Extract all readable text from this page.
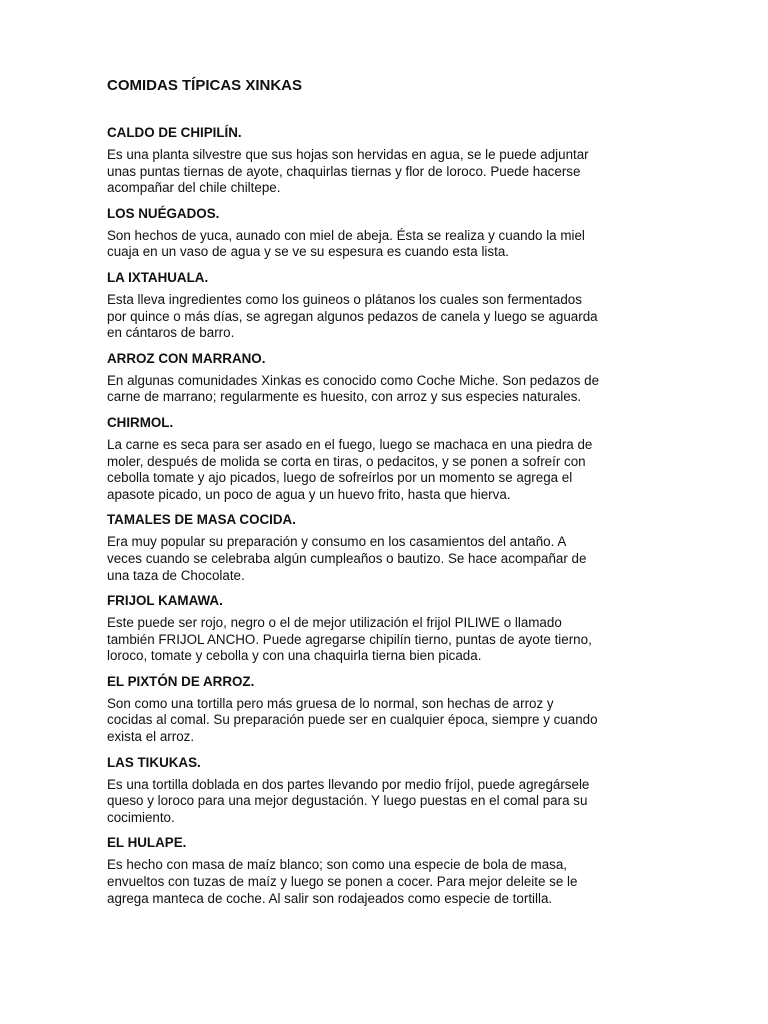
COMIDAS TÍPICAS XINKAS
CALDO DE CHIPILÍN.
Es una planta silvestre que sus hojas son hervidas en agua, se le puede adjuntar
unas puntas tiernas de ayote, chaquirlas tiernas y flor de loroco. Puede hacerse
acompañar del chile chiltepe.
LOS NUÉGADOS.
Son hechos de yuca, aunado con miel de abeja. Ésta se realiza y cuando la miel
cuaja en un vaso de agua y se ve su espesura es cuando esta lista.
LA IXTAHUALA.
Esta lleva ingredientes como los guineos o plátanos los cuales son fermentados
por quince o más días, se agregan algunos pedazos de canela y luego se aguarda
en cántaros de barro.
ARROZ CON MARRANO.
En algunas comunidades Xinkas es conocido como Coche Miche. Son pedazos de
carne de marrano; regularmente es huesito, con arroz y sus especies naturales.
CHIRMOL.
La carne es seca para ser asado en el fuego, luego se machaca en una piedra de
moler, después de molida se corta en tiras, o pedacitos, y se ponen a sofreír con
cebolla tomate y ajo picados, luego de sofreírlos por un momento se agrega el
apasote picado, un poco de agua y un huevo frito, hasta que hierva.
TAMALES DE MASA COCIDA.
Era muy popular su preparación y consumo en los casamientos del antaño. A
veces cuando se celebraba algún cumpleaños o bautizo. Se hace acompañar de
una taza de Chocolate.
FRIJOL KAMAWA.
Este puede ser rojo, negro o el de mejor utilización el frijol PILIWE o llamado
también FRIJOL ANCHO. Puede agregarse chipilín tierno, puntas de ayote tierno,
loroco, tomate y cebolla y con una chaquirla tierna bien picada.
EL PIXTÓN DE ARROZ.
Son como una tortilla pero más gruesa de lo normal, son hechas de arroz y
cocidas al comal. Su preparación puede ser en cualquier época, siempre y cuando
exista el arroz.
LAS TIKUKAS.
Es una tortilla doblada en dos partes llevando por medio fríjol, puede agregársele
queso y loroco para una mejor degustación. Y luego puestas en el comal para su
cocimiento.
EL HULAPE.
Es hecho con masa de maíz blanco; son como una especie de bola de masa,
envueltos con tuzas de maíz y luego se ponen a cocer. Para mejor deleite se le
agrega manteca de coche. Al salir son rodajeados como especie de tortilla.
